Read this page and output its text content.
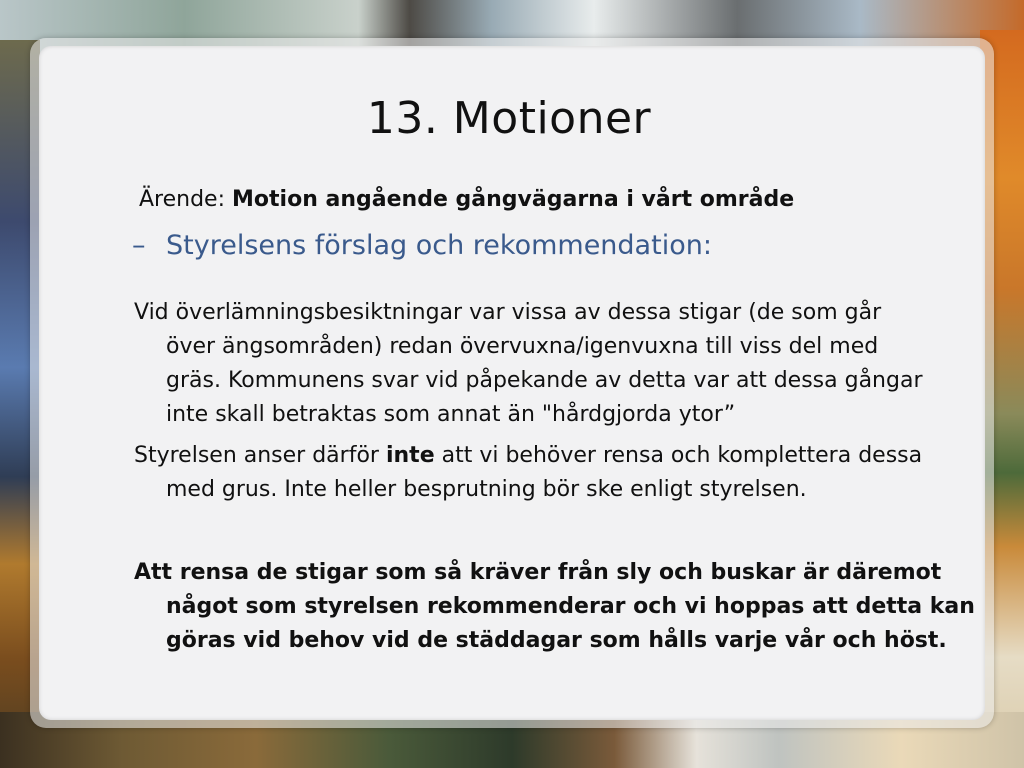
13. Motioner
Ärende: Motion angående gångvägarna i vårt område
– Styrelsens förslag och rekommendation:
Vid överlämningsbesiktningar var vissa av dessa stigar (de som går
över ängsområden) redan övervuxna/igenvuxna till viss del med
gräs. Kommunens svar vid påpekande av detta var att dessa gångar
inte skall betraktas som annat än "hårdgjorda ytor”
Styrelsen anser därför inte att vi behöver rensa och komplettera dessa
med grus. Inte heller besprutning bör ske enligt styrelsen.
Att rensa de stigar som så kräver från sly och buskar är däremot
något som styrelsen rekommenderar och vi hoppas att detta kan
göras vid behov vid de städdagar som hålls varje vår och höst.
